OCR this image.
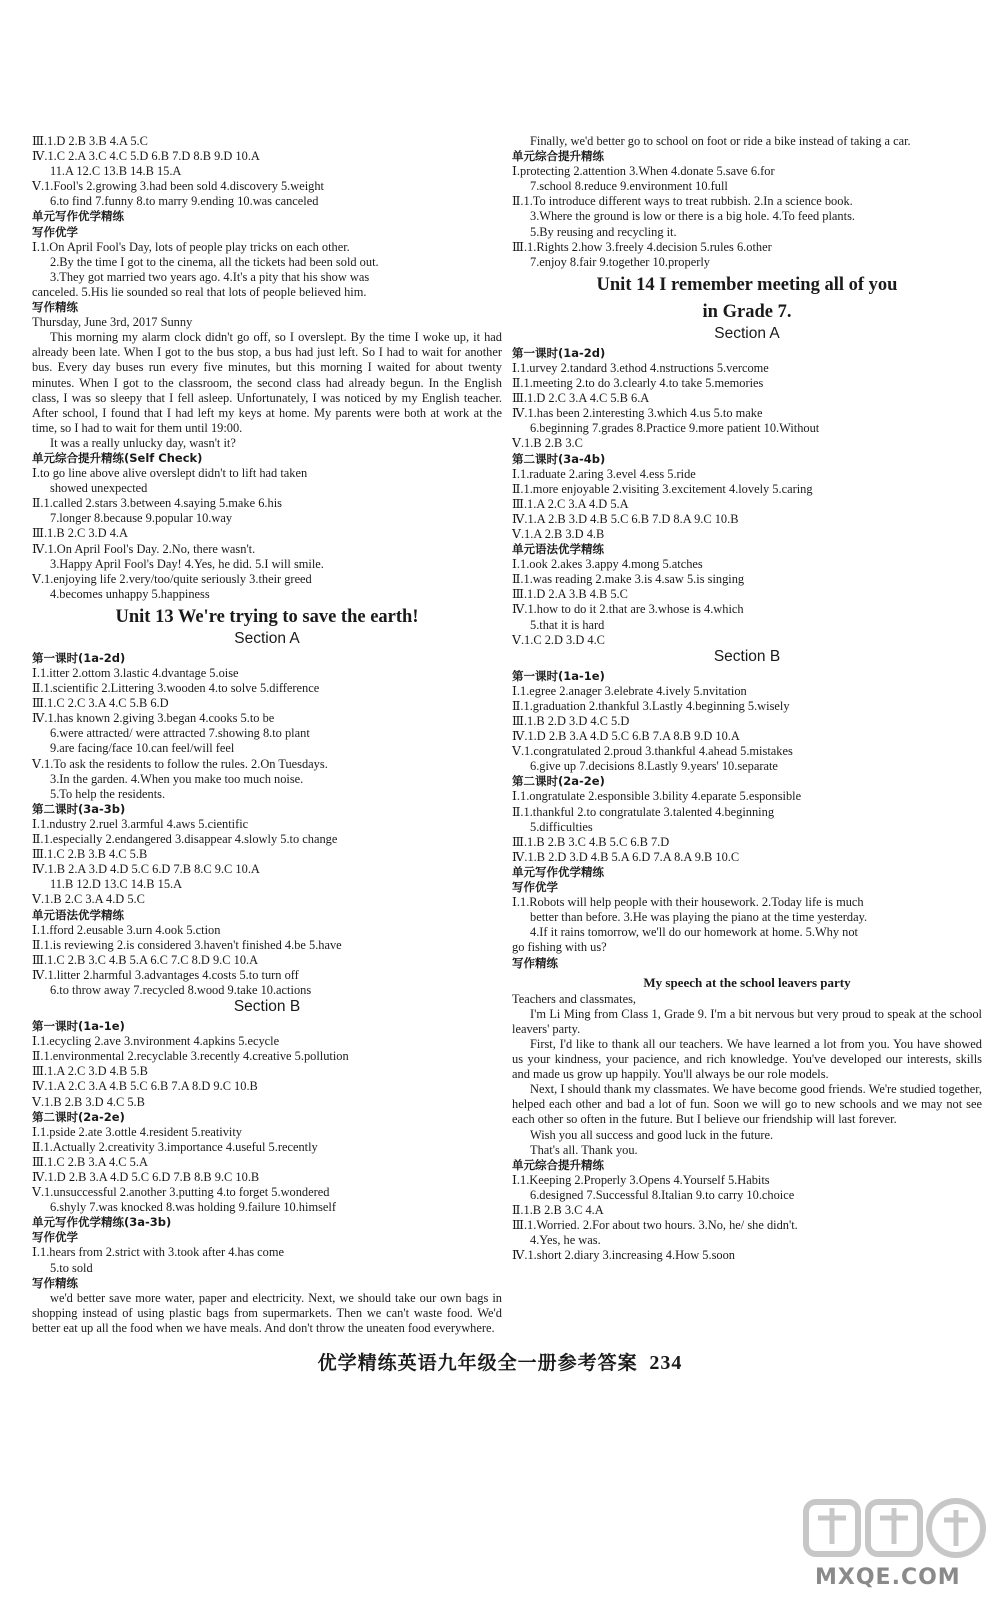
Ⅲ.1.D 2.B 3.B 4.A 5.C
Ⅳ.1.C 2.A 3.C 4.C 5.D 6.B 7.D 8.B 9.D 10.A
11.A 12.C 13.B 14.B 15.A
Ⅴ.1.Fool's 2.growing 3.had been sold 4.discovery 5.weight
6.to find 7.funny 8.to marry 9.ending 10.was canceled
单元写作优学精练
写作优学
Ⅰ.1.On April Fool's Day, lots of people play tricks on each other.
2.By the time I got to the cinema, all the tickets had been sold out.
3.They got married two years ago. 4.It's a pity that his show was
canceled. 5.His lie sounded so real that lots of people believed him.
写作精练
Thursday, June 3rd, 2017 Sunny
This morning my alarm clock didn't go off, so I overslept. By the time I woke up, it had already been late. When I got to the bus stop, a bus had just left. So I had to wait for another bus. Every day buses run every five minutes, but this morning I waited for about twenty minutes. When I got to the classroom, the second class had already begun. In the English class, I was so sleepy that I fell asleep. Unfortunately, I was noticed by my English teacher. After school, I found that I had left my keys at home. My parents were both at work at the time, so I had to wait for them until 19:00.
It was a really unlucky day, wasn't it?
单元综合提升精练(Self Check)
Ⅰ.to go line above alive overslept didn't to lift had taken
showed unexpected
Ⅱ.1.called 2.stars 3.between 4.saying 5.make 6.his
7.longer 8.because 9.popular 10.way
Ⅲ.1.B 2.C 3.D 4.A
Ⅳ.1.On April Fool's Day. 2.No, there wasn't.
3.Happy April Fool's Day! 4.Yes, he did. 5.I will smile.
Ⅴ.1.enjoying life 2.very/too/quite seriously 3.their greed
4.becomes unhappy 5.happiness
Unit 13 We're trying to save the earth!
Section A
第一课时(1a-2d)
Ⅰ.1.itter 2.ottom 3.lastic 4.dvantage 5.oise
Ⅱ.1.scientific 2.Littering 3.wooden 4.to solve 5.difference
Ⅲ.1.C 2.C 3.A 4.C 5.B 6.D
Ⅳ.1.has known 2.giving 3.began 4.cooks 5.to be
6.were attracted/ were attracted 7.showing 8.to plant
9.are facing/face 10.can feel/will feel
Ⅴ.1.To ask the residents to follow the rules. 2.On Tuesdays.
3.In the garden. 4.When you make too much noise.
5.To help the residents.
第二课时(3a-3b)
Ⅰ.1.ndustry 2.ruel 3.armful 4.aws 5.cientific
Ⅱ.1.especially 2.endangered 3.disappear 4.slowly 5.to change
Ⅲ.1.C 2.B 3.B 4.C 5.B
Ⅳ.1.B 2.A 3.D 4.D 5.C 6.D 7.B 8.C 9.C 10.A
11.B 12.D 13.C 14.B 15.A
Ⅴ.1.B 2.C 3.A 4.D 5.C
单元语法优学精练
Ⅰ.1.fford 2.eusable 3.urn 4.ook 5.ction
Ⅱ.1.is reviewing 2.is considered 3.haven't finished 4.be 5.have
Ⅲ.1.C 2.B 3.C 4.B 5.A 6.C 7.C 8.D 9.C 10.A
Ⅳ.1.litter 2.harmful 3.advantages 4.costs 5.to turn off
6.to throw away 7.recycled 8.wood 9.take 10.actions
Section B
第一课时(1a-1e)
Ⅰ.1.ecycling 2.ave 3.nvironment 4.apkins 5.ecycle
Ⅱ.1.environmental 2.recyclable 3.recently 4.creative 5.pollution
Ⅲ.1.A 2.C 3.D 4.B 5.B
Ⅳ.1.A 2.C 3.A 4.B 5.C 6.B 7.A 8.D 9.C 10.B
Ⅴ.1.B 2.B 3.D 4.C 5.B
第二课时(2a-2e)
Ⅰ.1.pside 2.ate 3.ottle 4.resident 5.reativity
Ⅱ.1.Actually 2.creativity 3.importance 4.useful 5.recently
Ⅲ.1.C 2.B 3.A 4.C 5.A
Ⅳ.1.D 2.B 3.A 4.D 5.C 6.D 7.B 8.B 9.C 10.B
Ⅴ.1.unsuccessful 2.another 3.putting 4.to forget 5.wondered
6.shyly 7.was knocked 8.was holding 9.failure 10.himself
单元写作优学精练(3a-3b)
写作优学
Ⅰ.1.hears from 2.strict with 3.took after 4.has come
5.to sold
写作精练
we'd better save more water, paper and electricity. Next, we should take our own bags in shopping instead of using plastic bags from supermarkets. Then we can't waste food. We'd better eat up all the food when we have meals. And don't throw the uneaten food everywhere.
Finally, we'd better go to school on foot or ride a bike instead of taking a car.
单元综合提升精练
Ⅰ.protecting 2.attention 3.When 4.donate 5.save 6.for
7.school 8.reduce 9.environment 10.full
Ⅱ.1.To introduce different ways to treat rubbish. 2.In a science book.
3.Where the ground is low or there is a big hole. 4.To feed plants.
5.By reusing and recycling it.
Ⅲ.1.Rights 2.how 3.freely 4.decision 5.rules 6.other
7.enjoy 8.fair 9.together 10.properly
Unit 14 I remember meeting all of you
in Grade 7.
Section A
第一课时(1a-2d)
Ⅰ.1.urvey 2.tandard 3.ethod 4.nstructions 5.vercome
Ⅱ.1.meeting 2.to do 3.clearly 4.to take 5.memories
Ⅲ.1.D 2.C 3.A 4.C 5.B 6.A
Ⅳ.1.has been 2.interesting 3.which 4.us 5.to make
6.beginning 7.grades 8.Practice 9.more patient 10.Without
Ⅴ.1.B 2.B 3.C
第二课时(3a-4b)
Ⅰ.1.raduate 2.aring 3.evel 4.ess 5.ride
Ⅱ.1.more enjoyable 2.visiting 3.excitement 4.lovely 5.caring
Ⅲ.1.A 2.C 3.A 4.D 5.A
Ⅳ.1.A 2.B 3.D 4.B 5.C 6.B 7.D 8.A 9.C 10.B
Ⅴ.1.A 2.B 3.D 4.B
单元语法优学精练
Ⅰ.1.ook 2.akes 3.appy 4.mong 5.atches
Ⅱ.1.was reading 2.make 3.is 4.saw 5.is singing
Ⅲ.1.D 2.A 3.B 4.B 5.C
Ⅳ.1.how to do it 2.that are 3.whose is 4.which
5.that it is hard
Ⅴ.1.C 2.D 3.D 4.C
Section B
第一课时(1a-1e)
Ⅰ.1.egree 2.anager 3.elebrate 4.ively 5.nvitation
Ⅱ.1.graduation 2.thankful 3.Lastly 4.beginning 5.wisely
Ⅲ.1.B 2.D 3.D 4.C 5.D
Ⅳ.1.D 2.B 3.A 4.D 5.C 6.B 7.A 8.B 9.D 10.A
Ⅴ.1.congratulated 2.proud 3.thankful 4.ahead 5.mistakes
6.give up 7.decisions 8.Lastly 9.years' 10.separate
第二课时(2a-2e)
Ⅰ.1.ongratulate 2.esponsible 3.bility 4.eparate 5.esponsible
Ⅱ.1.thankful 2.to congratulate 3.talented 4.beginning
5.difficulties
Ⅲ.1.B 2.B 3.C 4.B 5.C 6.B 7.D
Ⅳ.1.B 2.D 3.D 4.B 5.A 6.D 7.A 8.A 9.B 10.C
单元写作优学精练
写作优学
Ⅰ.1.Robots will help people with their housework. 2.Today life is much
better than before. 3.He was playing the piano at the time yesterday.
4.If it rains tomorrow, we'll do our homework at home. 5.Why not
go fishing with us?
写作精练
My speech at the school leavers party
Teachers and classmates,
I'm Li Ming from Class 1, Grade 9. I'm a bit nervous but very proud to speak at the school leavers' party.
First, I'd like to thank all our teachers. We have learned a lot from you. You have showed us your kindness, your pacience, and rich knowledge. You've developed our interests, skills and made us grow up happily. You'll always be our role models.
Next, I should thank my classmates. We have become good friends. We're studied together, helped each other and bad a lot of fun. Soon we will go to new schools and we may not see each other so often in the future. But I believe our friendship will last forever.
Wish you all success and good luck in the future.
That's all. Thank you.
单元综合提升精练
Ⅰ.1.Keeping 2.Properly 3.Opens 4.Yourself 5.Habits
6.designed 7.Successful 8.Italian 9.to carry 10.choice
Ⅱ.1.B 2.B 3.C 4.A
Ⅲ.1.Worried. 2.For about two hours. 3.No, he/ she didn't.
4.Yes, he was.
Ⅳ.1.short 2.diary 3.increasing 4.How 5.soon
优学精练英语九年级全一册参考答案 234
MXQE.COM
